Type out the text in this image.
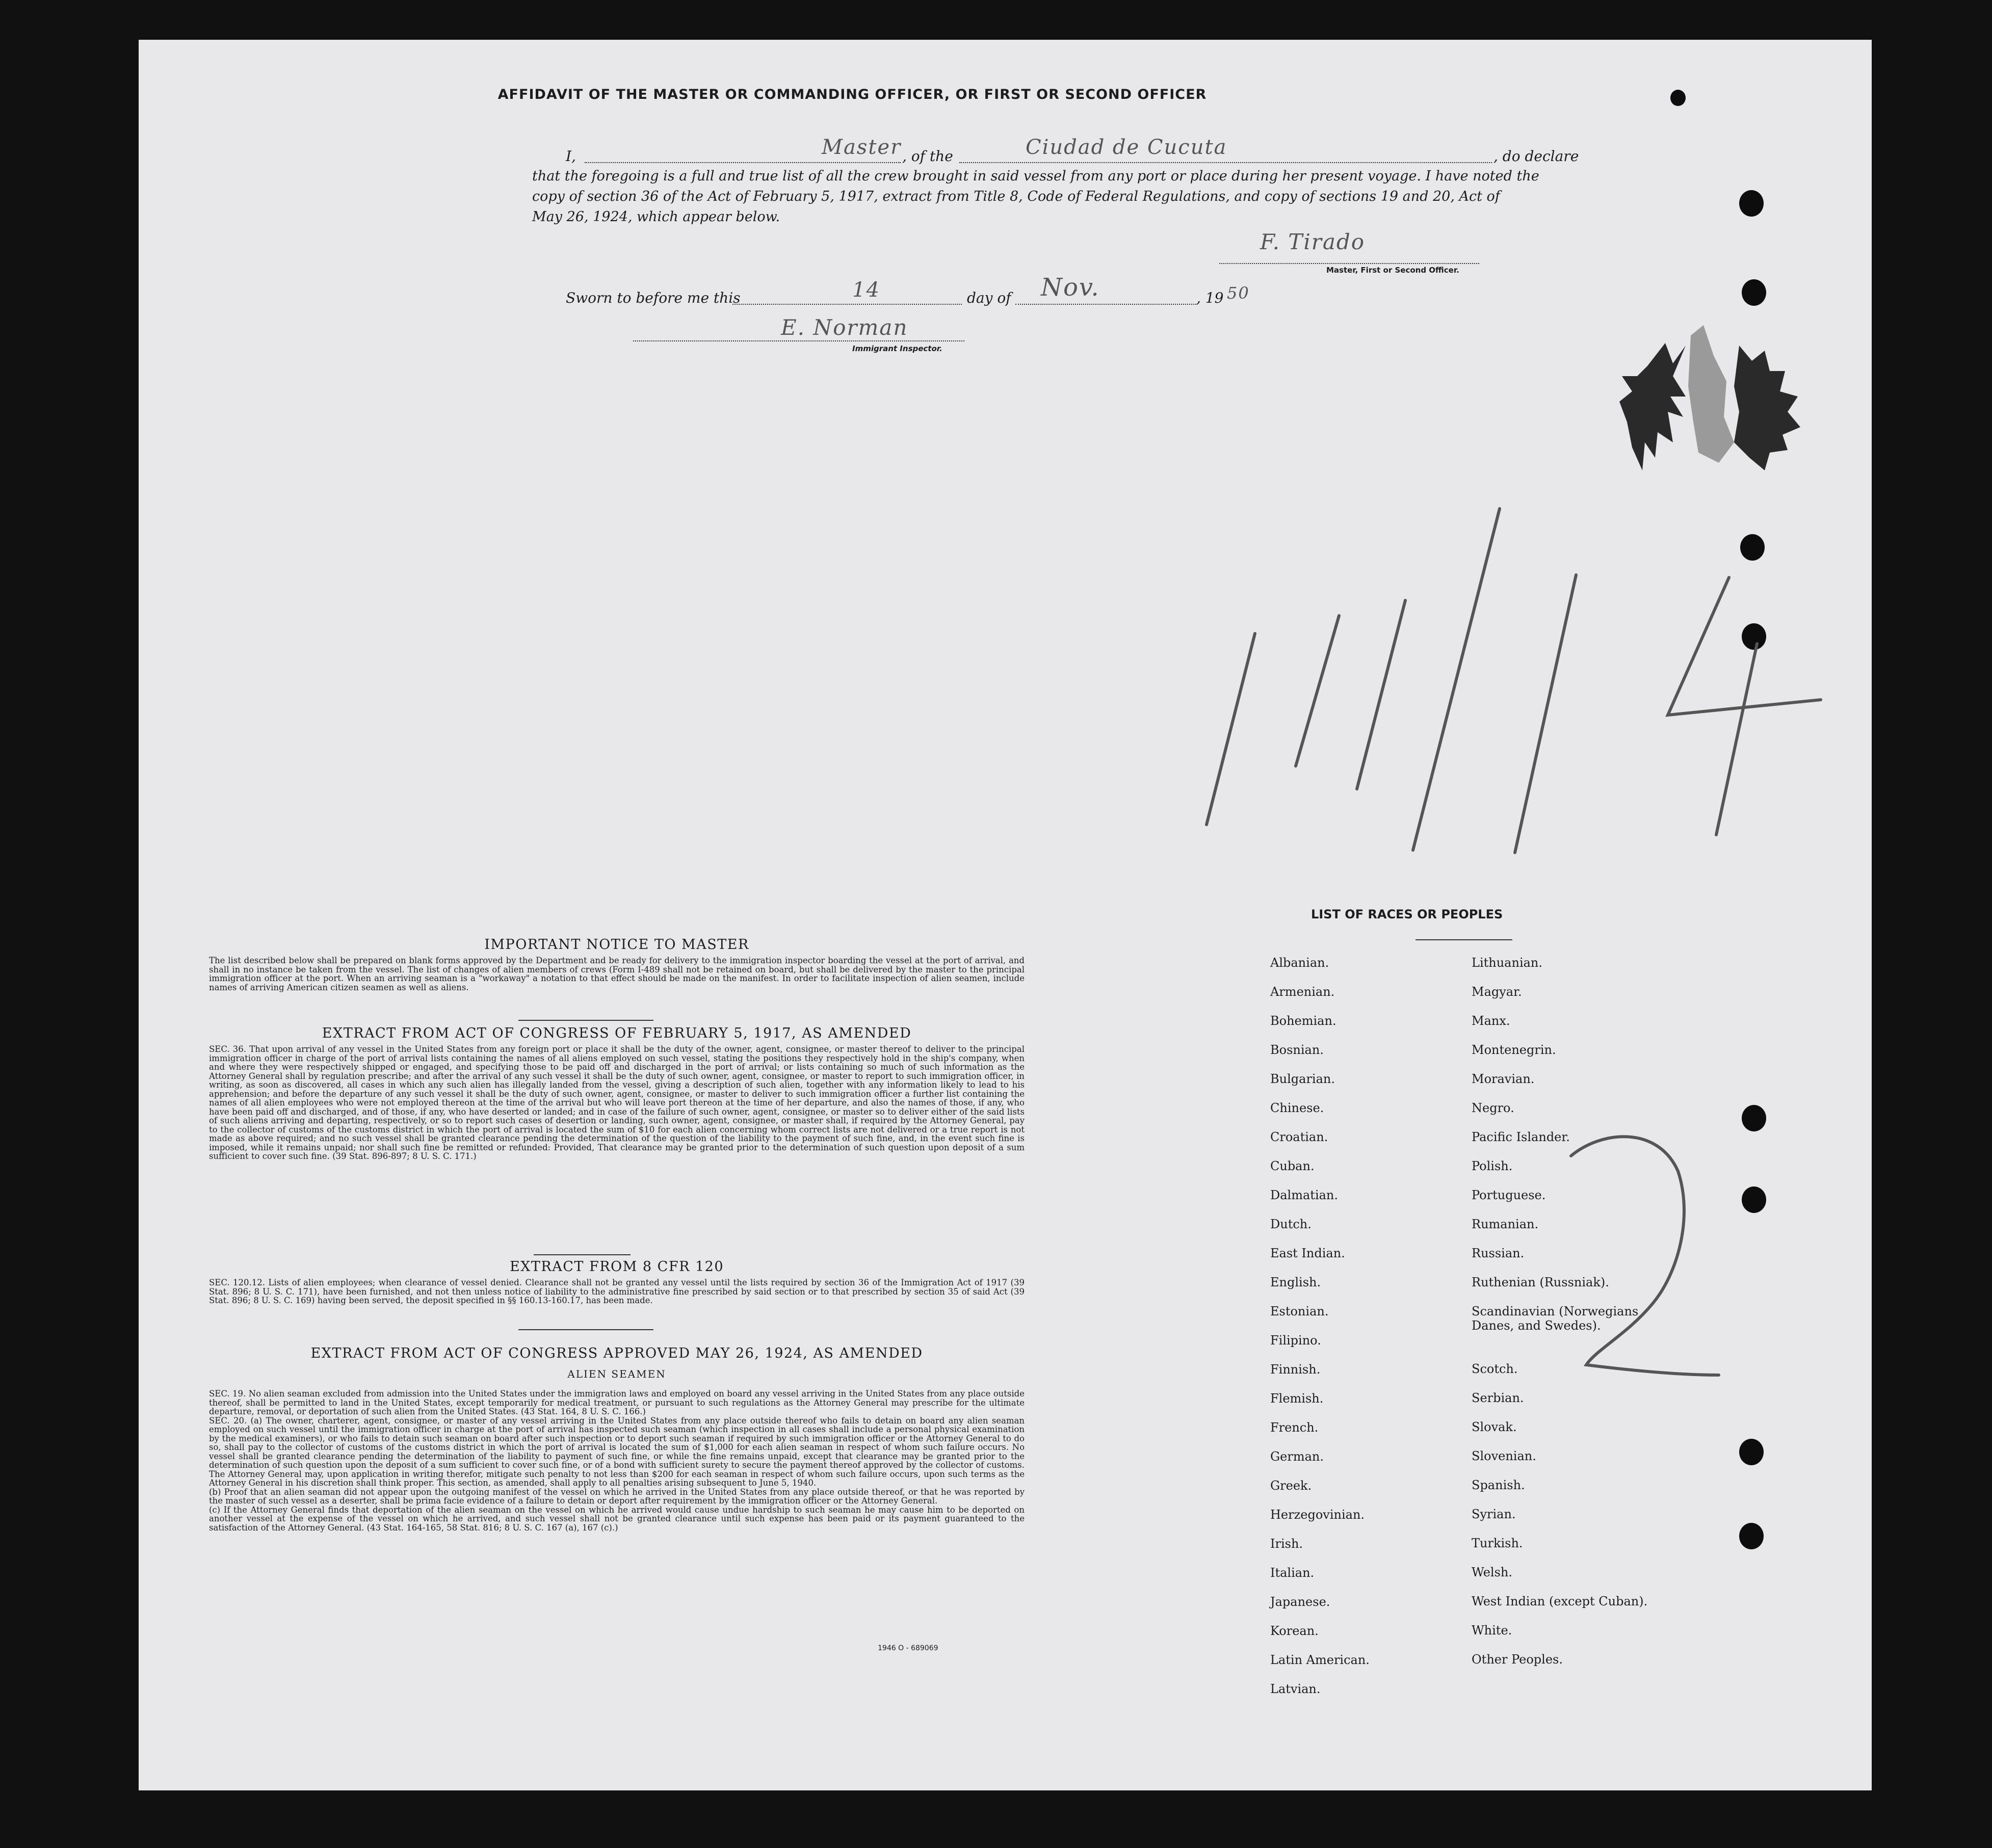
AFFIDAVIT OF THE MASTER OR COMMANDING OFFICER, OR FIRST OR SECOND OFFICER
I,	Master , of the	Ciudad de Cucuta	, do declare
that the foregoing is a full and true list of all the crew brought in said vessel from any port or place during her present voyage. I have noted the
copy of section 36 of the Act of February 5, 1917, extract from Title 8, Code of Federal Regulations, and copy of sections 19 and 20, Act of
May 26, 1924, which appear below.
F. Tirado
Master, First or Second Officer.
Sworn to before me this	14	day of Nov.	, 19 50
E. Norman
Immigrant Inspector.
IMPORTANT NOTICE TO MASTER
The list described below shall be prepared on blank forms approved by the Department and be ready for delivery to the immigration inspector boarding the vessel at the port of arrival, and shall in no instance be taken from the vessel. The list of changes of alien members of crews (Form I-489 shall not be retained on board, but shall be delivered by the master to the principal immigration officer at the port. When an arriving seaman is a "workaway" a notation to that effect should be made on the manifest. In order to facilitate inspection of alien seamen, include names of arriving American citizen seamen as well as aliens.
EXTRACT FROM ACT OF CONGRESS OF FEBRUARY 5, 1917, AS AMENDED
SEC. 36. That upon arrival of any vessel in the United States from any foreign port or place it shall be the duty of the owner, agent, consignee, or master thereof to deliver to the principal immigration officer in charge of the port of arrival lists containing the names of all aliens employed on such vessel, stating the positions they respectively hold in the ship's company, when and where they were respectively shipped or engaged, and specifying those to be paid off and discharged in the port of arrival; or lists containing so much of such information as the Attorney General shall by regulation prescribe; and after the arrival of any such vessel it shall be the duty of such owner, agent, consignee, or master to report to such immigration officer, in writing, as soon as discovered, all cases in which any such alien has illegally landed from the vessel, giving a description of such alien, together with any information likely to lead to his apprehension; and before the departure of any such vessel it shall be the duty of such owner, agent, consignee, or master to deliver to such immigration officer a further list containing the names of all alien employees who were not employed thereon at the time of the arrival but who will leave port thereon at the time of her departure, and also the names of those, if any, who have been paid off and discharged, and of those, if any, who have deserted or landed; and in case of the failure of such owner, agent, consignee, or master so to deliver either of the said lists of such aliens arriving and departing, respectively, or so to report such cases of desertion or landing, such owner, agent, consignee, or master shall, if required by the Attorney General, pay to the collector of customs of the customs district in which the port of arrival is located the sum of $10 for each alien concerning whom correct lists are not delivered or a true report is not made as above required; and no such vessel shall be granted clearance pending the determination of the question of the liability to the payment of such fine, and, in the event such fine is imposed, while it remains unpaid; nor shall such fine be remitted or refunded: Provided, That clearance may be granted prior to the determination of such question upon deposit of a sum sufficient to cover such fine. (39 Stat. 896-897; 8 U. S. C. 171.)
EXTRACT FROM 8 CFR 120
SEC. 120.12. Lists of alien employees; when clearance of vessel denied. Clearance shall not be granted any vessel until the lists required by section 36 of the Immigration Act of 1917 (39 Stat. 896; 8 U. S. C. 171), have been furnished, and not then unless notice of liability to the administrative fine prescribed by said section or to that prescribed by section 35 of said Act (39 Stat. 896; 8 U. S. C. 169) having been served, the deposit specified in §§ 160.13-160.17, has been made.
EXTRACT FROM ACT OF CONGRESS APPROVED MAY 26, 1924, AS AMENDED
ALIEN SEAMEN
SEC. 19. No alien seaman excluded from admission into the United States under the immigration laws and employed on board any vessel arriving in the United States from any place outside thereof, shall be permitted to land in the United States, except temporarily for medical treatment, or pursuant to such regulations as the Attorney General may prescribe for the ultimate departure, removal, or deportation of such alien from the United States. (43 Stat. 164, 8 U. S. C. 166.)
SEC. 20. (a) The owner, charterer, agent, consignee, or master of any vessel arriving in the United States from any place outside thereof who fails to detain on board any alien seaman employed on such vessel until the immigration officer in charge at the port of arrival has inspected such seaman (which inspection in all cases shall include a personal physical examination by the medical examiners), or who fails to detain such seaman on board after such inspection or to deport such seaman if required by such immigration officer or the Attorney General to do so, shall pay to the collector of customs of the customs district in which the port of arrival is located the sum of $1,000 for each alien seaman in respect of whom such failure occurs. No vessel shall be granted clearance pending the determination of the liability to payment of such fine, or while the fine remains unpaid, except that clearance may be granted prior to the determination of such question upon the deposit of a sum sufficient to cover such fine, or of a bond with sufficient surety to secure the payment thereof approved by the collector of customs. The Attorney General may, upon application in writing therefor, mitigate such penalty to not less than $200 for each seaman in respect of whom such failure occurs, upon such terms as the Attorney General in his discretion shall think proper. This section, as amended, shall apply to all penalties arising subsequent to June 5, 1940.
(b) Proof that an alien seaman did not appear upon the outgoing manifest of the vessel on which he arrived in the United States from any place outside thereof, or that he was reported by the master of such vessel as a deserter, shall be prima facie evidence of a failure to detain or deport after requirement by the immigration officer or the Attorney General.
(c) If the Attorney General finds that deportation of the alien seaman on the vessel on which he arrived would cause undue hardship to such seaman he may cause him to be deported on another vessel at the expense of the vessel on which he arrived, and such vessel shall not be granted clearance until such expense has been paid or its payment guaranteed to the satisfaction of the Attorney General. (43 Stat. 164-165, 58 Stat. 816; 8 U. S. C. 167 (a), 167 (c).)
1946 O - 689069
LIST OF RACES OR PEOPLES
Albanian.
Armenian.
Bohemian.
Bosnian.
Bulgarian.
Chinese.
Croatian.
Cuban.
Dalmatian.
Dutch.
East Indian.
English.
Estonian.
Filipino.
Finnish.
Flemish.
French.
German.
Greek.
Herzegovinian.
Irish.
Italian.
Japanese.
Korean.
Latin American.
Latvian.
Lithuanian.
Magyar.
Manx.
Montenegrin.
Moravian.
Negro.
Pacific Islander.
Polish.
Portuguese.
Rumanian.
Russian.
Ruthenian (Russniak).
Scandinavian (Norwegians
Danes, and Swedes).
Scotch.
Serbian.
Slovak.
Slovenian.
Spanish.
Syrian.
Turkish.
Welsh.
West Indian (except Cuban).
White.
Other Peoples.
